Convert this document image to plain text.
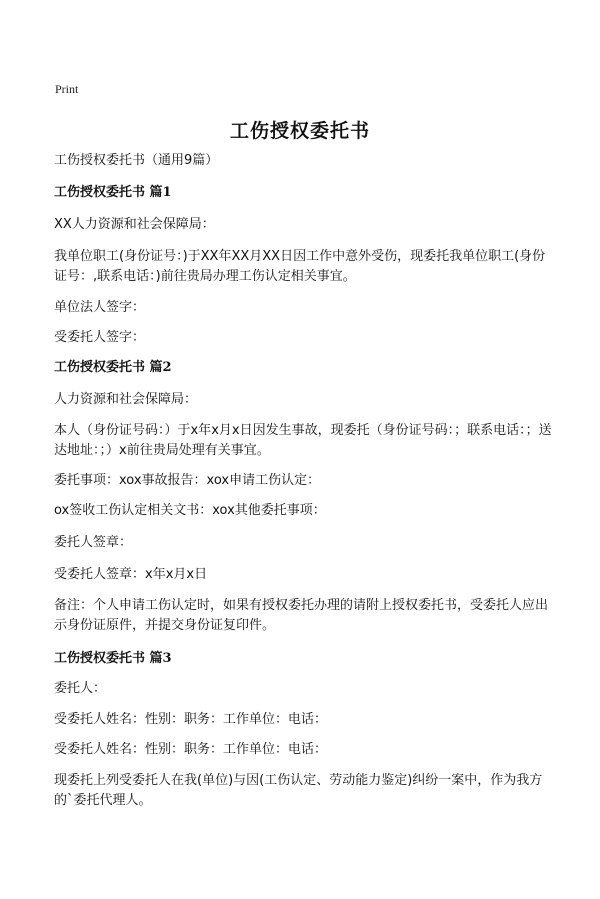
Print
工伤授权委托书
工伤授权委托书（通用9篇）
工伤授权委托书 篇1
XX人力资源和社会保障局：
我单位职工(身份证号：)于XX年XX月XX日因工作中意外受伤，现委托我单位职工(身份证号：,联系电话：)前往贵局办理工伤认定相关事宜。
单位法人签字：
受委托人签字：
工伤授权委托书 篇2
人力资源和社会保障局：
本人（身份证号码：）于x年x月x日因发生事故，现委托（身份证号码：；联系电话：；送达地址：；）x前往贵局处理有关事宜。
委托事项：xox事故报告：xox申请工伤认定：
ox签收工伤认定相关文书：xox其他委托事项：
委托人签章：
受委托人签章：x年x月x日
备注：个人申请工伤认定时，如果有授权委托办理的请附上授权委托书，受委托人应出示身份证原件，并提交身份证复印件。
工伤授权委托书 篇3
委托人：
受委托人姓名：性别：职务：工作单位：电话：
受委托人姓名：性别：职务：工作单位：电话：
现委托上列受委托人在我(单位)与因(工伤认定、劳动能力鉴定)纠纷一案中，作为我方的`委托代理人。
